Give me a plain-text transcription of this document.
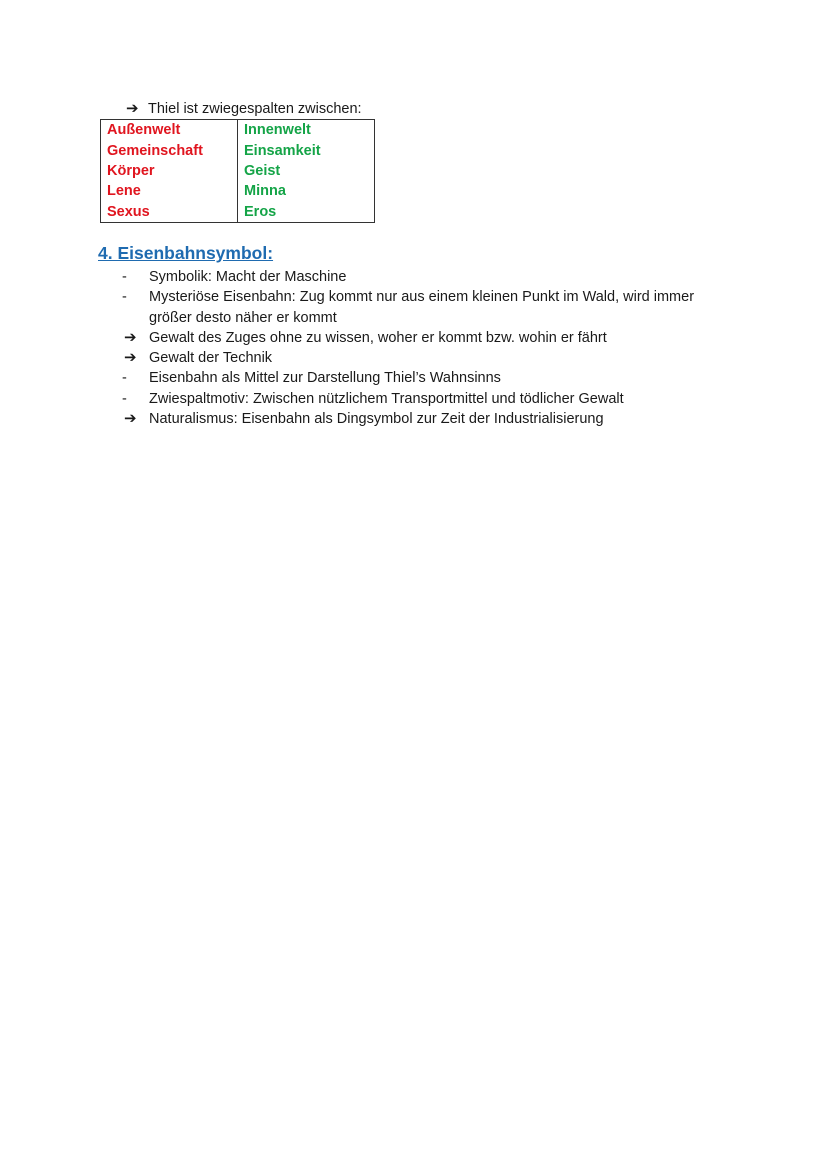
➔ Thiel ist zwiegespalten zwischen:
Außenwelt	Innenwelt
Gemeinschaft	Einsamkeit
Körper	Geist
Lene	Minna
Sexus	Eros
4. Eisenbahnsymbol:
-	Symbolik: Macht der Maschine
-	Mysteriöse Eisenbahn: Zug kommt nur aus einem kleinen Punkt im Wald, wird immer größer desto näher er kommt
➔ Gewalt des Zuges ohne zu wissen, woher er kommt bzw. wohin er fährt
➔ Gewalt der Technik
-	Eisenbahn als Mittel zur Darstellung Thiel’s Wahnsinns
-	Zwiespaltmotiv: Zwischen nützlichem Transportmittel und tödlicher Gewalt
➔ Naturalismus: Eisenbahn als Dingsymbol zur Zeit der Industrialisierung
